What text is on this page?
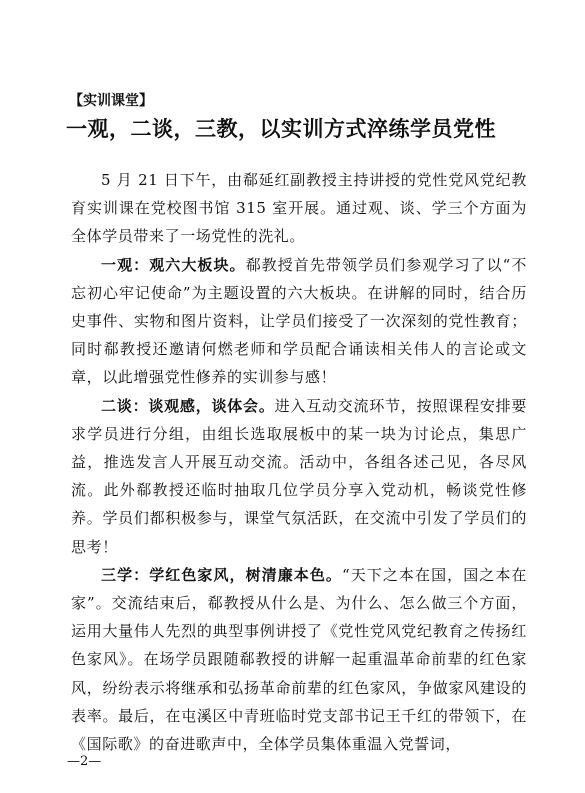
【实训课堂】
一观，二谈，三教，以实训方式淬练学员党性

5 月 21 日下午，由郗延红副教授主持讲授的党性党风党纪教育实训课在党校图书馆 315 室开展。通过观、谈、学三个方面为全体学员带来了一场党性的洗礼。

一观：观六大板块。郗教授首先带领学员们参观学习了以“不忘初心牢记使命”为主题设置的六大板块。在讲解的同时，结合历史事件、实物和图片资料，让学员们接受了一次深刻的党性教育；同时郗教授还邀请何燃老师和学员配合诵读相关伟人的言论或文章，以此增强党性修养的实训参与感！

二谈：谈观感，谈体会。进入互动交流环节，按照课程安排要求学员进行分组，由组长选取展板中的某一块为讨论点，集思广益，推选发言人开展互动交流。活动中，各组各述己见，各尽风流。此外郗教授还临时抽取几位学员分享入党动机，畅谈党性修养。学员们都积极参与，课堂气氛活跃，在交流中引发了学员们的思考！

三学：学红色家风，树清廉本色。“天下之本在国，国之本在家”。交流结束后，郗教授从什么是、为什么、怎么做三个方面，运用大量伟人先烈的典型事例讲授了《党性党风党纪教育之传扬红色家风》。在场学员跟随郗教授的讲解一起重温革命前辈的红色家风，纷纷表示将继承和弘扬革命前辈的红色家风，争做家风建设的表率。最后，在屯溪区中青班临时党支部书记王千红的带领下，在《国际歌》的奋进歌声中，全体学员集体重温入党誓词，

—2—
